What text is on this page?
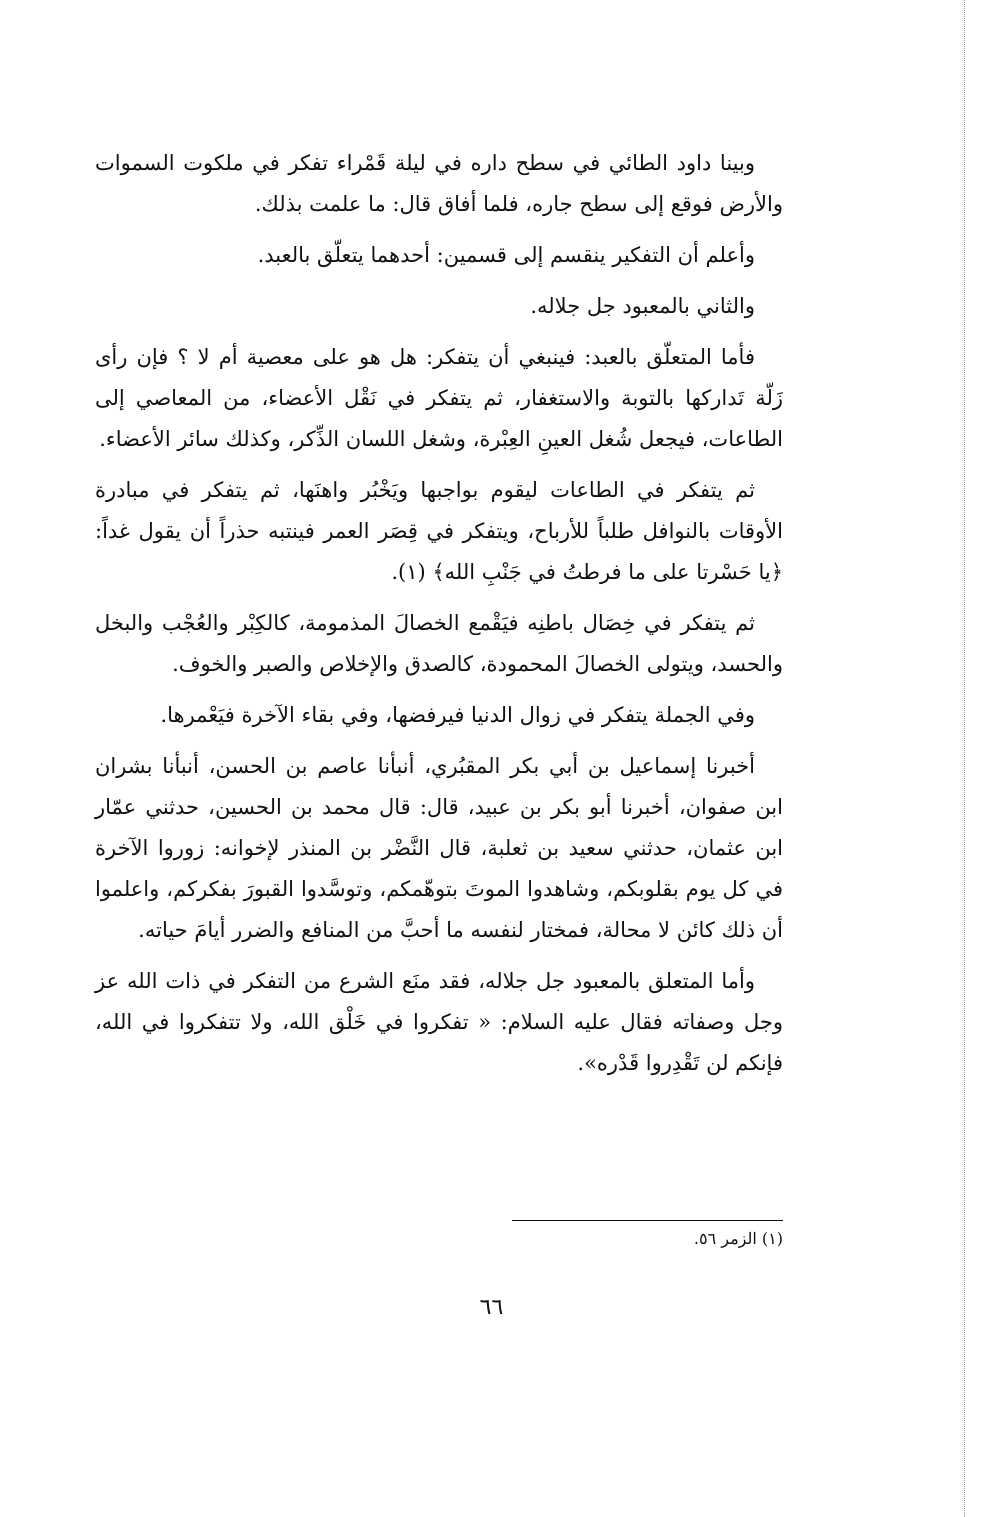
وبينا داود الطائي في سطح داره في ليلة قَمْراء تفكر في ملكوت السموات والأرض فوقع إلى سطح جاره، فلما أفاق قال: ما علمت بذلك.

وأعلم أن التفكير ينقسم إلى قسمين: أحدهما يتعلّق بالعبد.

والثاني بالمعبود جل جلاله.

فأما المتعلّق بالعبد: فينبغي أن يتفكر: هل هو على معصية أم لا ؟ فإن رأى زَلّة تَداركها بالتوبة والاستغفار، ثم يتفكر في نَقْل الأعضاء، من المعاصي إلى الطاعات، فيجعل شُغل العينِ العِبْرة، وشغل اللسان الذِّكر، وكذلك سائر الأعضاء.

ثم يتفكر في الطاعات ليقوم بواجبها ويَخْبُر واهنَها، ثم يتفكر في مبادرة الأوقات بالنوافل طلباً للأرباح، ويتفكر في قِصَر العمر فينتبه حذراً أن يقول غداً: ﴿يا حَسْرتا على ما فرطتُ في جَنْبِ الله﴾ (١).

ثم يتفكر في خِصَال باطنِه فيَقْمع الخصالَ المذمومة، كالكِبْر والعُجْب والبخل والحسد، ويتولى الخصالَ المحمودة، كالصدق والإخلاص والصبر والخوف.

وفي الجملة يتفكر في زوال الدنيا فيرفضها، وفي بقاء الآخرة فيَعْمرها.

أخبرنا إسماعيل بن أبي بكر المقبُري، أنبأنا عاصم بن الحسن، أنبأنا بشران ابن صفوان، أخبرنا أبو بكر بن عبيد، قال: قال محمد بن الحسين، حدثني عمّار ابن عثمان، حدثني سعيد بن ثعلبة، قال النَّضْر بن المنذر لإخوانه: زوروا الآخرة في كل يوم بقلوبكم، وشاهدوا الموتَ بتوهّمكم، وتوسَّدوا القبورَ بفكركم، واعلموا أن ذلك كائن لا محالة، فمختار لنفسه ما أحبَّ من المنافع والضرر أيامَ حياته.

وأما المتعلق بالمعبود جل جلاله، فقد منَع الشرع من التفكر في ذات الله عز وجل وصفاته فقال عليه السلام: « تفكروا في خَلْق الله، ولا تتفكروا في الله، فإنكم لن تَقْدِروا قَدْره».

(١) الزمر ٥٦.
٦٦
